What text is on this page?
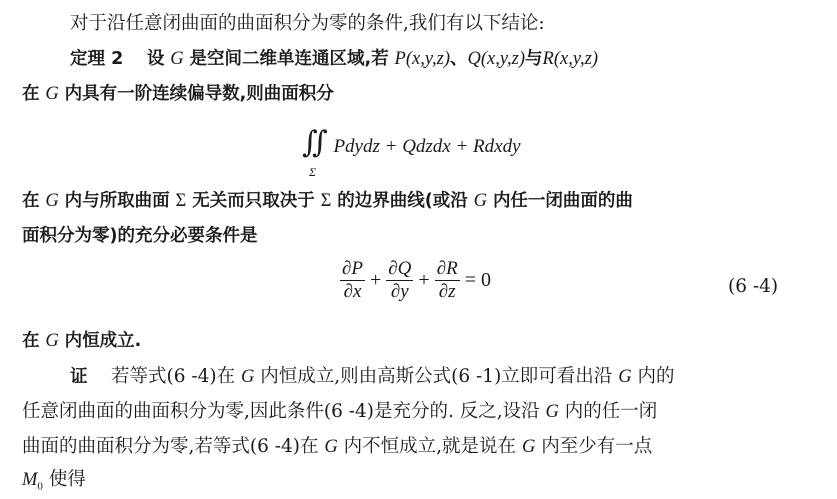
对于沿任意闭曲面的曲面积分为零的条件,我们有以下结论:
定理 2 设 G 是空间二维单连通区域,若 P(x,y,z)、Q(x,y,z)与R(x,y,z)
在 G 内具有一阶连续偏导数,则曲面积分
∬ Pdydz + Qdzdx + Rdxdy
Σ
在 G 内与所取曲面 Σ 无关而只取决于 Σ 的边界曲线(或沿 G 内任一闭曲面的曲
面积分为零)的充分必要条件是
$\frac{\partial P}{\partial x} + \frac{\partial Q}{\partial y} + \frac{\partial R}{\partial z} = 0$	(6 -4)
在 G 内恒成立.
证 若等式(6 -4)在 G 内恒成立,则由高斯公式(6 -1)立即可看出沿 G 内的
任意闭曲面的曲面积分为零,因此条件(6 -4)是充分的. 反之,设沿 G 内的任一闭
曲面的曲面积分为零,若等式(6 -4)在 G 内不恒成立,就是说在 G 内至少有一点
$M_0$ 使得
